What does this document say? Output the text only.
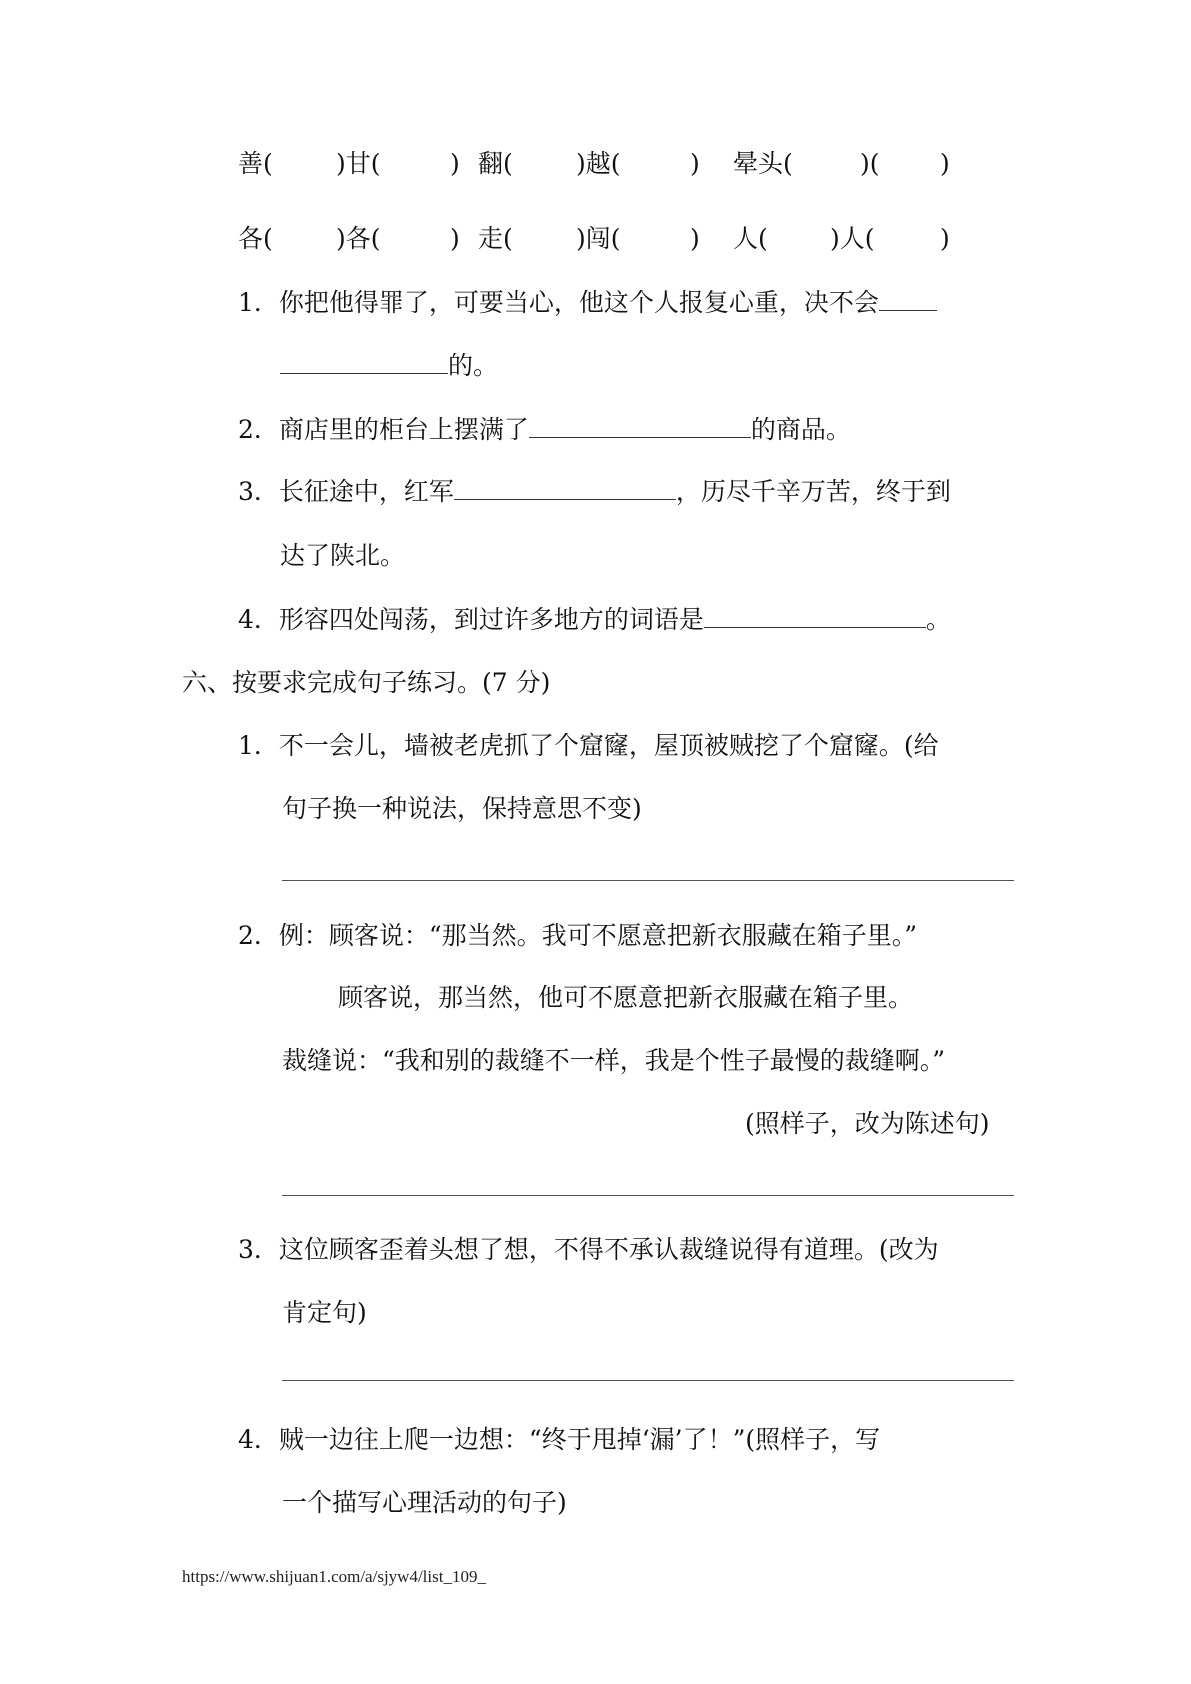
善(	)甘(	) 翻(	)越(	) 晕头(	)( )
各(	)各(	) 走(	)闯(	) 人( )人(	)
1．你把他得罪了，可要当心，他这个人报复心重，决不会
的。
2．商店里的柜台上摆满了	的商品。
3．长征途中，红军	，历尽千辛万苦，终于到
达了陕北。
4．形容四处闯荡，到过许多地方的词语是	。
六、按要求完成句子练习。(7 分)
1．不一会儿，墙被老虎抓了个窟窿，屋顶被贼挖了个窟窿。(给
句子换一种说法，保持意思不变)
2．例：顾客说：“那当然。我可不愿意把新衣服藏在箱子里。”
顾客说，那当然，他可不愿意把新衣服藏在箱子里。
裁缝说：“我和别的裁缝不一样，我是个性子最慢的裁缝啊。”
(照样子，改为陈述句)
3．这位顾客歪着头想了想，不得不承认裁缝说得有道理。(改为
肯定句)
4．贼一边往上爬一边想：“终于甩掉‘漏’了！”(照样子，写
一个描写心理活动的句子)
https://www.shijuan1.com/a/sjyw4/list_109_
